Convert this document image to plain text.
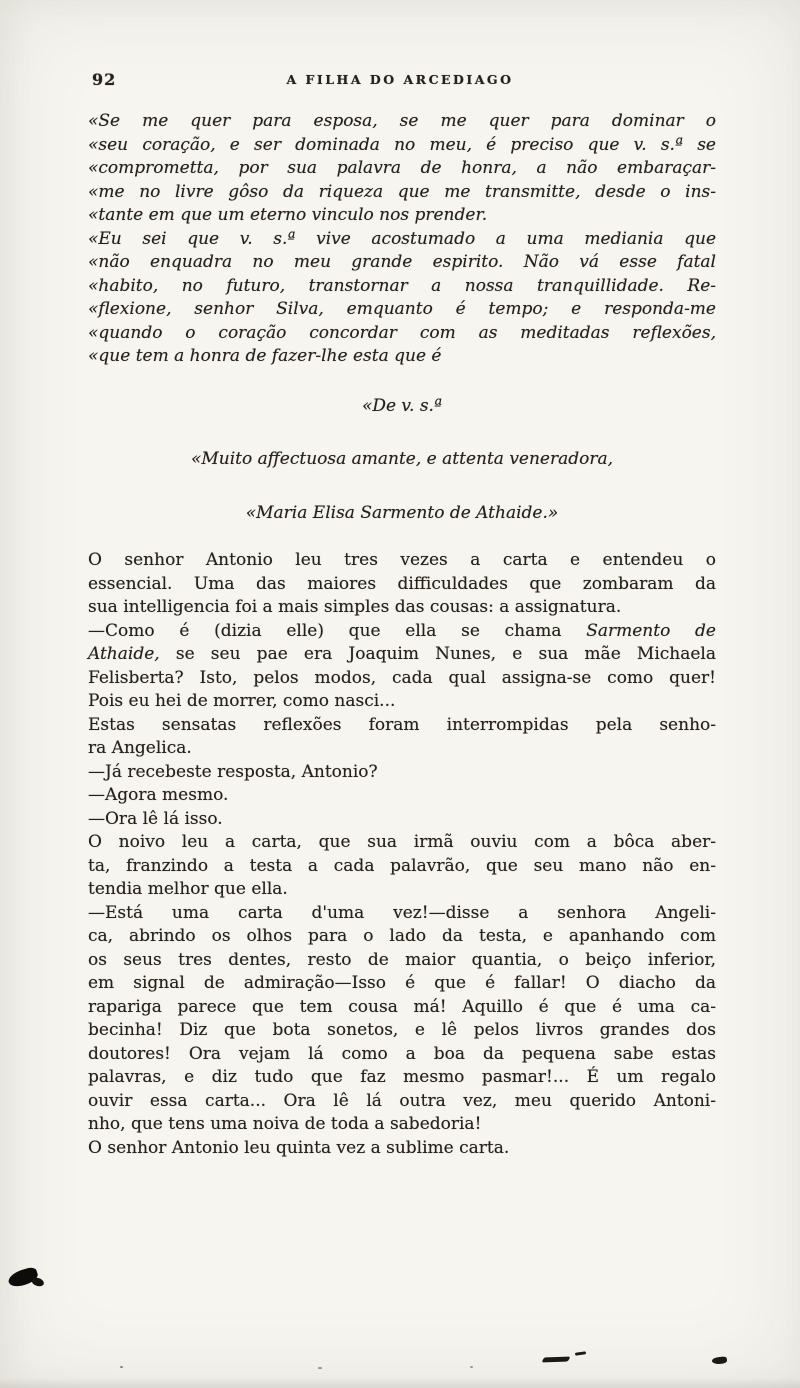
92	A FILHA DO ARCEDIAGO
«Se me quer para esposa, se me quer para dominar o
«seu coração, e ser dominada no meu, é preciso que v. s.ª se
«comprometta, por sua palavra de honra, a não embaraçar-
«me no livre gôso da riqueza que me transmitte, desde o ins-
«tante em que um eterno vinculo nos prender.
«Eu sei que v. s.ª vive acostumado a uma mediania que
«não enquadra no meu grande espirito. Não vá esse fatal
«habito, no futuro, transtornar a nossa tranquillidade. Re-
«flexione, senhor Silva, emquanto é tempo; e responda-me
«quando o coração concordar com as meditadas reflexões,
«que tem a honra de fazer-lhe esta que é
«De v. s.ª
«Muito affectuosa amante, e attenta veneradora,
«Maria Elisa Sarmento de Athaide.»
O senhor Antonio leu tres vezes a carta e entendeu o
essencial. Uma das maiores difficuldades que zombaram da
sua intelligencia foi a mais simples das cousas: a assignatura.
—Como é (dizia elle) que ella se chama Sarmento de
Athaide, se seu pae era Joaquim Nunes, e sua mãe Michaela
Felisberta? Isto, pelos modos, cada qual assigna-se como quer!
Pois eu hei de morrer, como nasci...
Estas sensatas reflexões foram interrompidas pela senho-
ra Angelica.
—Já recebeste resposta, Antonio?
—Agora mesmo.
—Ora lê lá isso.
O noivo leu a carta, que sua irmã ouviu com a bôca aber-
ta, franzindo a testa a cada palavrão, que seu mano não en-
tendia melhor que ella.
—Está uma carta d'uma vez!—disse a senhora Angeli-
ca, abrindo os olhos para o lado da testa, e apanhando com
os seus tres dentes, resto de maior quantia, o beiço inferior,
em signal de admiração—Isso é que é fallar! O diacho da
rapariga parece que tem cousa má! Aquillo é que é uma ca-
becinha! Diz que bota sonetos, e lê pelos livros grandes dos
doutores! Ora vejam lá como a boa da pequena sabe estas
palavras, e diz tudo que faz mesmo pasmar!... É um regalo
ouvir essa carta... Ora lê lá outra vez, meu querido Antoni-
nho, que tens uma noiva de toda a sabedoria!
O senhor Antonio leu quinta vez a sublime carta.
